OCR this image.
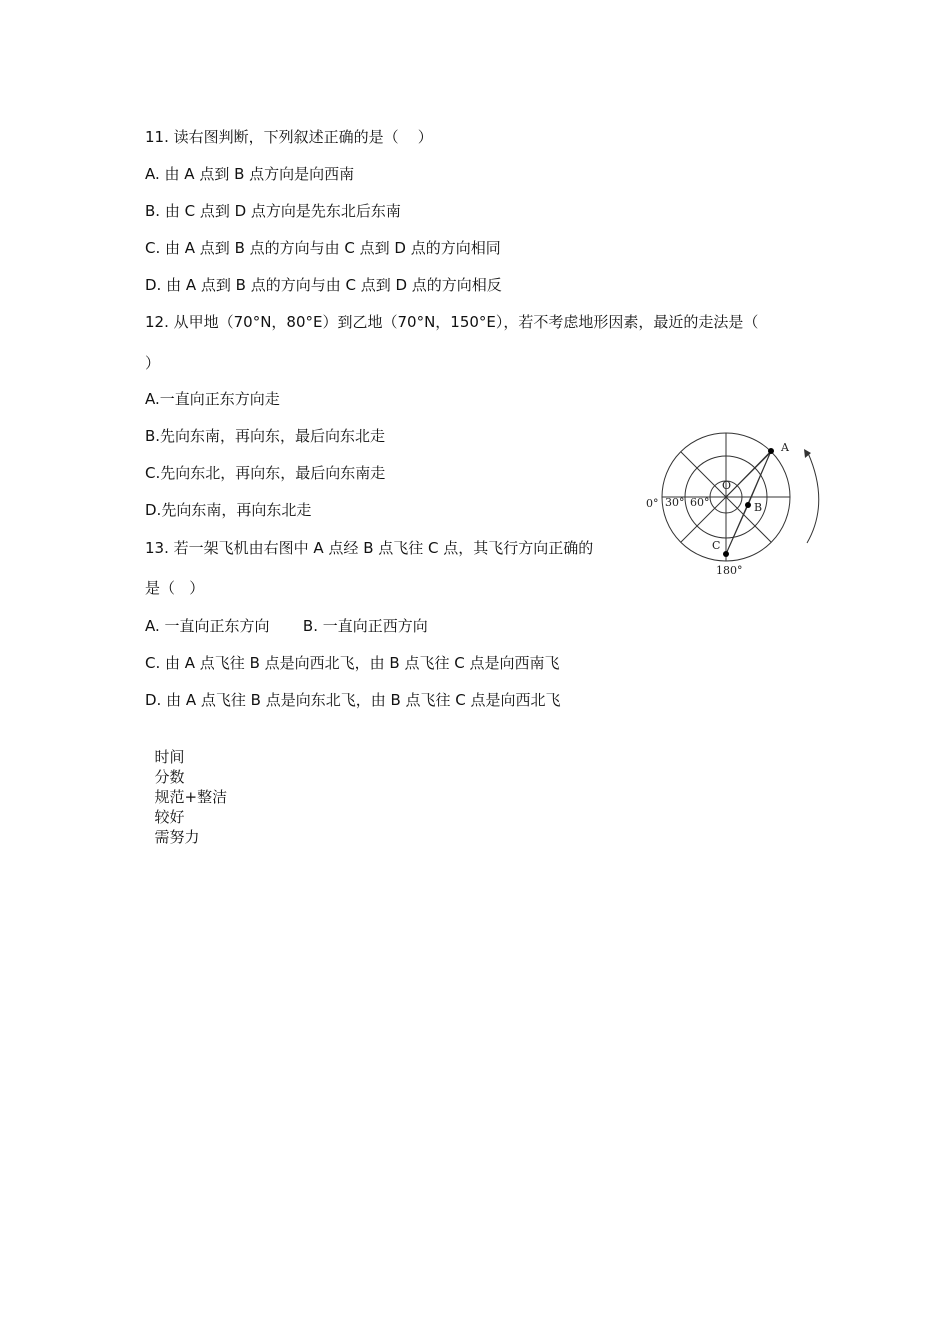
11. 读右图判断，下列叙述正确的是（    ）
A. 由 A 点到 B 点方向是向西南
B. 由 C 点到 D 点方向是先东北后东南
C. 由 A 点到 B 点的方向与由 C 点到 D 点的方向相同
D. 由 A 点到 B 点的方向与由 C 点到 D 点的方向相反
12. 从甲地（70°N，80°E）到乙地（70°N，150°E），若不考虑地形因素，最近的走法是（
）
A.一直向正东方向走
B.先向东南，再向东，最后向东北走
C.先向东北，再向东，最后向东南走
D.先向东南，再向东北走
13. 若一架飞机由右图中 A 点经 B 点飞往 C 点，其飞行方向正确的
是（   ）
A. 一直向正东方向       B. 一直向正西方向
C. 由 A 点飞往 B 点是向西北飞，由 B 点飞往 C 点是向西南飞
D. 由 A 点飞往 B 点是向东北飞，由 B 点飞往 C 点是向西北飞

时间
分数
规范+整洁
较好
需努力

A
B
C
O
0° 30° 60°
180°
